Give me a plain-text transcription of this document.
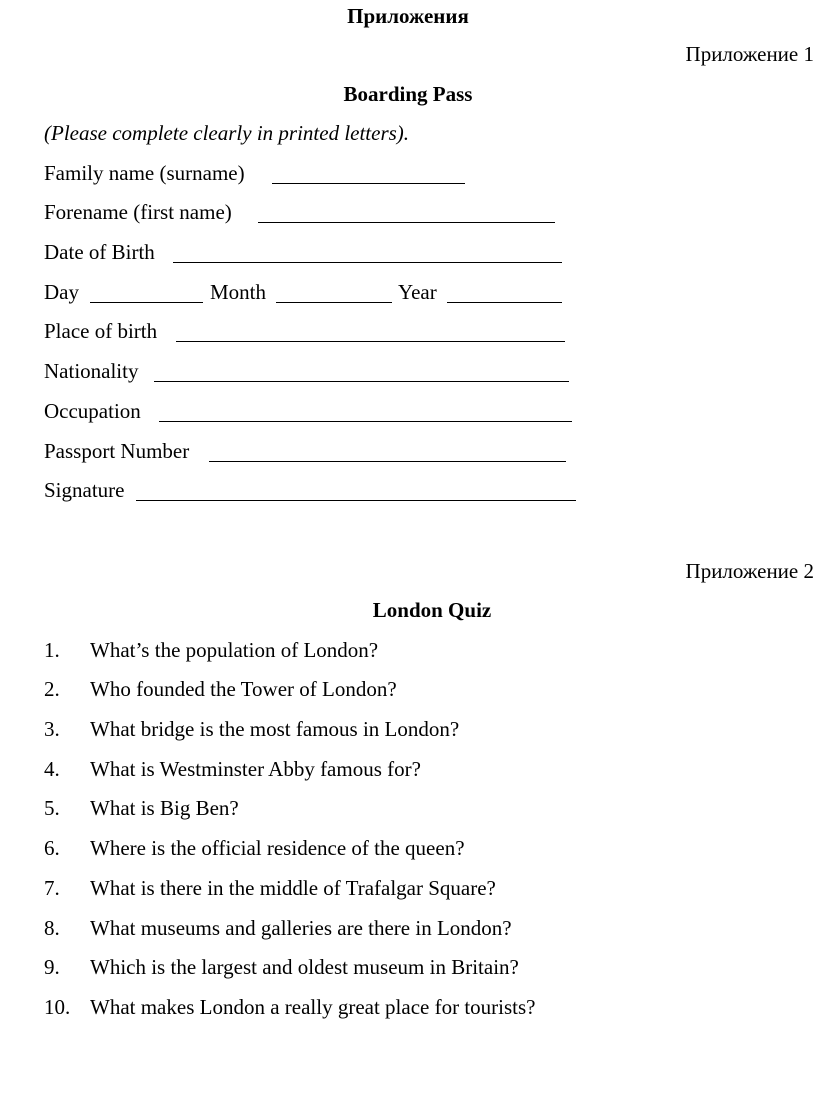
Приложения
Приложение 1
Boarding Pass
(Please complete clearly in printed letters).
Family name (surname)
Forename (first name)
Date of Birth
Day	Month	Year
Place of birth
Nationality
Occupation
Passport Number
Signature
Приложение 2
London Quiz
1. What’s the population of London?
2. Who founded the Tower of London?
3. What bridge is the most famous in London?
4. What is Westminster Abby famous for?
5. What is Big Ben?
6. Where is the official residence of the queen?
7. What is there in the middle of Trafalgar Square?
8. What museums and galleries are there in London?
9. Which is the largest and oldest museum in Britain?
10. What makes London a really great place for tourists?
